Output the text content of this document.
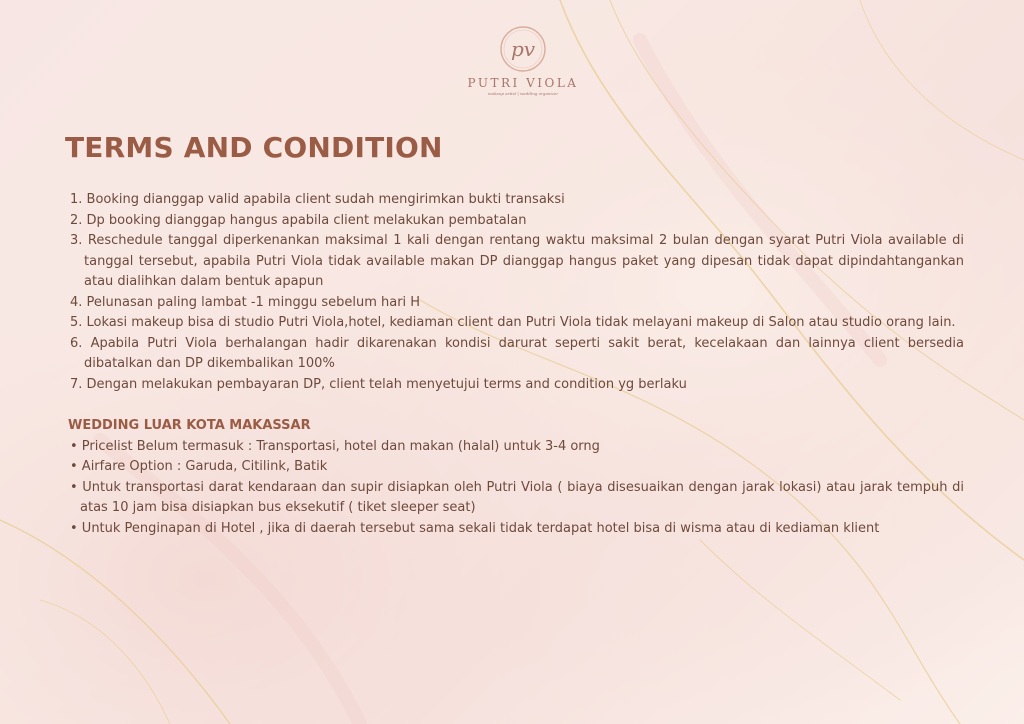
pv
PUTRI VIOLA
makeup artist | wedding organizer
TERMS AND CONDITION
1. Booking dianggap valid apabila client sudah mengirimkan bukti transaksi
2. Dp booking dianggap hangus apabila client melakukan pembatalan
3. Reschedule tanggal diperkenankan maksimal 1 kali dengan rentang waktu maksimal 2 bulan dengan syarat Putri Viola available di tanggal tersebut, apabila Putri Viola tidak available makan DP dianggap hangus paket yang dipesan tidak dapat dipindahtangankan atau dialihkan dalam bentuk apapun
4. Pelunasan paling lambat -1 minggu sebelum hari H
5. Lokasi makeup bisa di studio Putri Viola,hotel, kediaman client dan Putri Viola tidak melayani makeup di Salon atau studio orang lain.
6. Apabila Putri Viola berhalangan hadir dikarenakan kondisi darurat seperti sakit berat, kecelakaan dan lainnya client bersedia dibatalkan dan DP dikembalikan 100%
7. Dengan melakukan pembayaran DP, client telah menyetujui terms and condition yg berlaku
WEDDING LUAR KOTA MAKASSAR
• Pricelist Belum termasuk : Transportasi, hotel dan makan (halal) untuk 3-4 orng
• Airfare Option : Garuda, Citilink, Batik
• Untuk transportasi darat kendaraan dan supir disiapkan oleh Putri Viola ( biaya disesuaikan dengan jarak lokasi) atau jarak tempuh di atas 10 jam bisa disiapkan bus eksekutif ( tiket sleeper seat)
• Untuk Penginapan di Hotel , jika di daerah tersebut sama sekali tidak terdapat hotel bisa di wisma atau di kediaman klient
